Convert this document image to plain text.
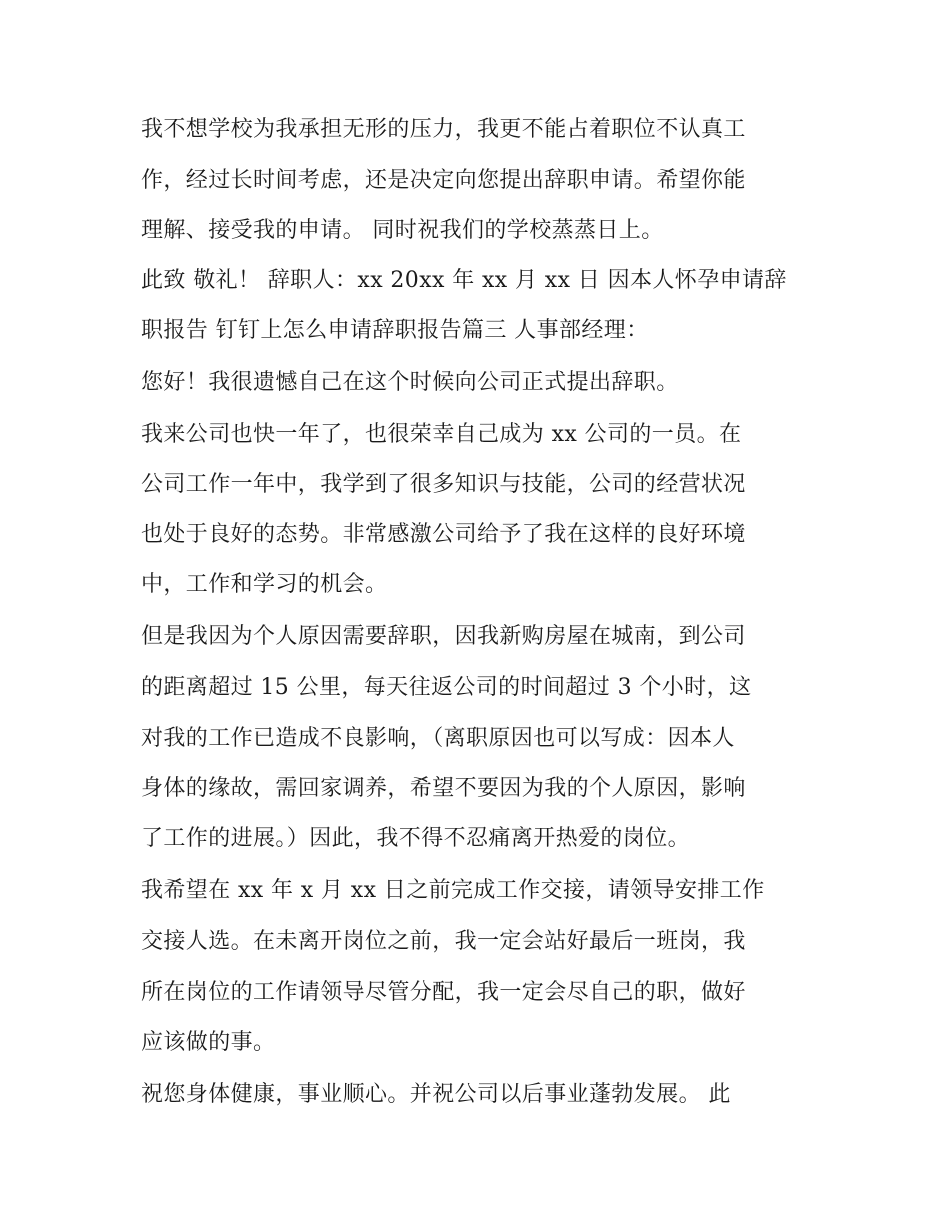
我不想学校为我承担无形的压力，我更不能占着职位不认真工

作，经过长时间考虑，还是决定向您提出辞职申请。希望你能

理解、接受我的申请。 同时祝我们的学校蒸蒸日上。

此致 敬礼！ 辞职人：xx 20xx 年 xx 月 xx 日 因本人怀孕申请辞

职报告 钉钉上怎么申请辞职报告篇三 人事部经理：

您好！我很遗憾自己在这个时候向公司正式提出辞职。

我来公司也快一年了，也很荣幸自己成为 xx 公司的一员。在

公司工作一年中，我学到了很多知识与技能，公司的经营状况

也处于良好的态势。非常感激公司给予了我在这样的良好环境

中，工作和学习的机会。

但是我因为个人原因需要辞职，因我新购房屋在城南，到公司

的距离超过 15 公里，每天往返公司的时间超过 3 个小时，这

对我的工作已造成不良影响，（离职原因也可以写成：因本人

身体的缘故，需回家调养，希望不要因为我的个人原因，影响

了工作的进展。）因此，我不得不忍痛离开热爱的岗位。

我希望在 xx 年 x 月 xx 日之前完成工作交接，请领导安排工作

交接人选。在未离开岗位之前，我一定会站好最后一班岗，我

所在岗位的工作请领导尽管分配，我一定会尽自己的职，做好

应该做的事。

祝您身体健康，事业顺心。并祝公司以后事业蓬勃发展。 此
